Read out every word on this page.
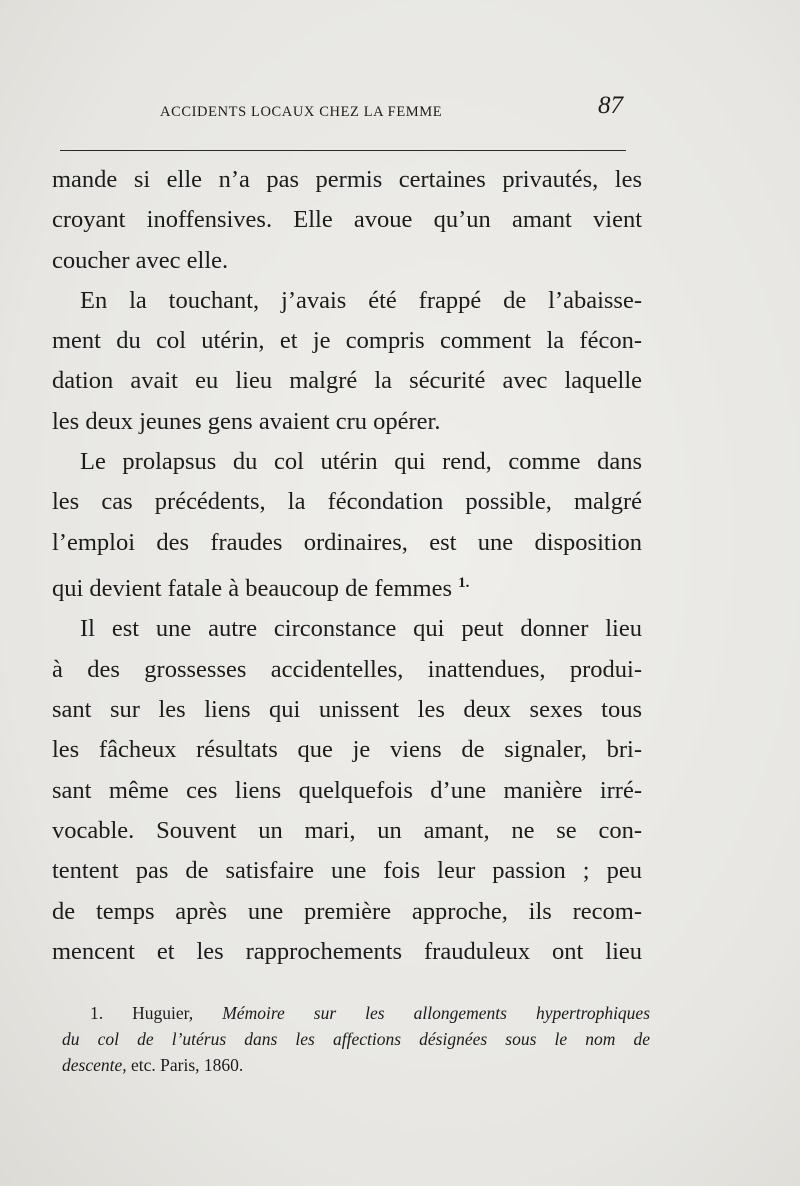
ACCIDENTS LOCAUX CHEZ LA FEMME	87
mande si elle n’a pas permis certaines privautés, les
croyant inoffensives. Elle avoue qu’un amant vient
coucher avec elle.
En la touchant, j’avais été frappé de l’abaisse-
ment du col utérin, et je compris comment la fécon-
dation avait eu lieu malgré la sécurité avec laquelle
les deux jeunes gens avaient cru opérer.
Le prolapsus du col utérin qui rend, comme dans
les cas précédents, la fécondation possible, malgré
l’emploi des fraudes ordinaires, est une disposition
qui devient fatale à beaucoup de femmes $^{1.}$
Il est une autre circonstance qui peut donner lieu
à des grossesses accidentelles, inattendues, produi-
sant sur les liens qui unissent les deux sexes tous
les fâcheux résultats que je viens de signaler, bri-
sant même ces liens quelquefois d’une manière irré-
vocable. Souvent un mari, un amant, ne se con-
tentent pas de satisfaire une fois leur passion ; peu
de temps après une première approche, ils recom-
mencent et les rapprochements frauduleux ont lieu
1. Huguier, Mémoire sur les allongements hypertrophiques
du col de l’utérus dans les affections désignées sous le nom de
descente, etc. Paris, 1860.
